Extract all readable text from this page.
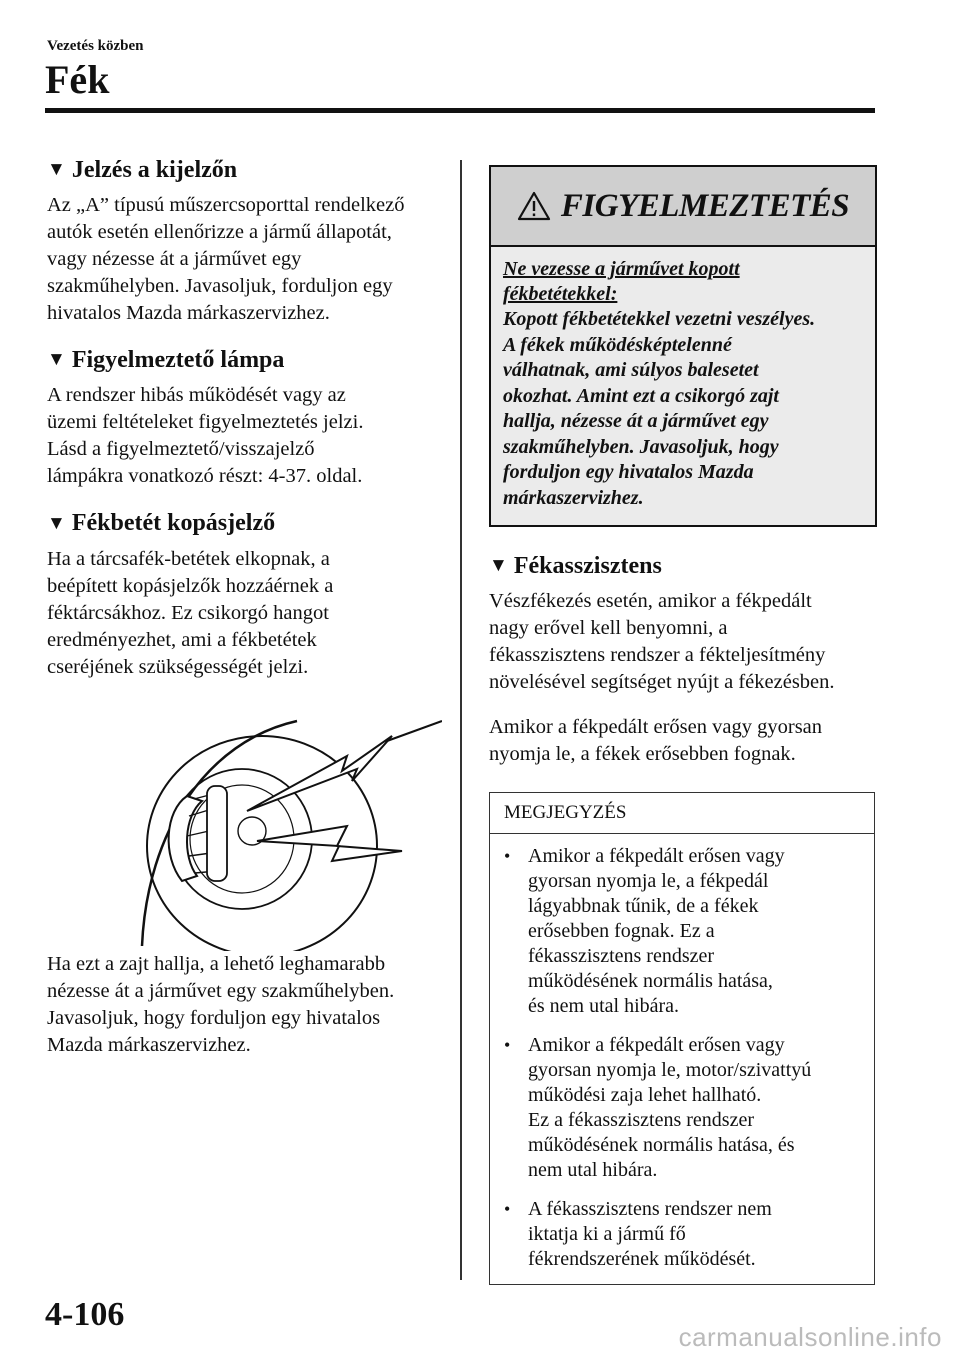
Vezetés közben
Fék
▼ Jelzés a kijelzőn

Az „A” típusú műszercsoporttal rendelkező
autók esetén ellenőrizze a jármű állapotát,
vagy nézesse át a járművet egy
szakműhelyben. Javasoljuk, forduljon egy
hivatalos Mazda márkaszervizhez.

▼ Figyelmeztető lámpa

A rendszer hibás működését vagy az
üzemi feltételeket figyelmeztetés jelzi.
Lásd a figyelmeztető/visszajelző
lámpákra vonatkozó részt: 4-37. oldal.

▼ Fékbetét kopásjelző

Ha a tárcsafék-betétek elkopnak, a
beépített kopásjelzők hozzáérnek a
féktárcsákhoz. Ez csikorgó hangot
eredményezhet, ami a fékbetétek
cseréjének szükségességét jelzi.

Ha ezt a zajt hallja, a lehető leghamarabb
nézesse át a járművet egy szakműhelyben.
Javasoljuk, hogy forduljon egy hivatalos
Mazda márkaszervizhez.

FIGYELMEZTETÉS
Ne vezesse a járművet kopott
fékbetétekkel:
Kopott fékbetétekkel vezetni veszélyes.
A fékek működésképtelenné
válhatnak, ami súlyos balesetet
okozhat. Amint ezt a csikorgó zajt
hallja, nézesse át a járművet egy
szakműhelyben. Javasoljuk, hogy
forduljon egy hivatalos Mazda
márkaszervizhez.
▼ Fékasszisztens

Vészfékezés esetén, amikor a fékpedált
nagy erővel kell benyomni, a
fékasszisztens rendszer a fékteljesítmény
növelésével segítséget nyújt a fékezésben.

Amikor a fékpedált erősen vagy gyorsan
nyomja le, a fékek erősebben fognak.

MEGJEGYZÉS
• Amikor a fékpedált erősen vagy
gyorsan nyomja le, a fékpedál
lágyabbnak tűnik, de a fékek
erősebben fognak. Ez a
fékasszisztens rendszer
működésének normális hatása,
és nem utal hibára.
• Amikor a fékpedált erősen vagy
gyorsan nyomja le, motor/szivattyú
működési zaja lehet hallható.
Ez a fékasszisztens rendszer
működésének normális hatása, és
nem utal hibára.
• A fékasszisztens rendszer nem
iktatja ki a jármű fő
fékrendszerének működését.
4-106
carmanualsonline.info
